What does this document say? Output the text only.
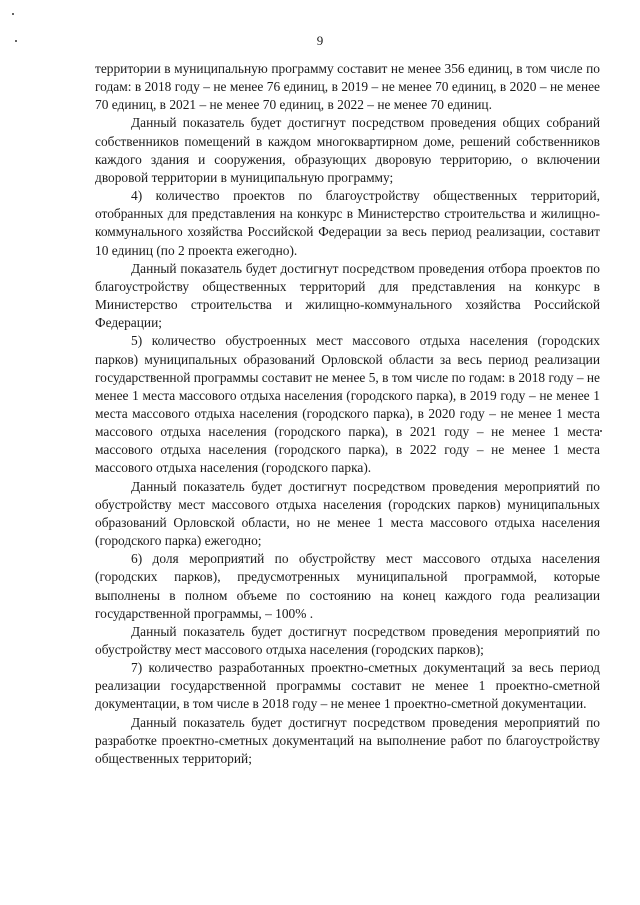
9

территории в муниципальную программу составит не менее 356 единиц, в том числе по годам: в 2018 году – не менее 76 единиц, в 2019 – не менее 70 единиц, в 2020 – не менее 70 единиц, в 2021 – не менее 70 единиц, в 2022 – не менее 70 единиц.

Данный показатель будет достигнут посредством проведения общих собраний собственников помещений в каждом многоквартирном доме, решений собственников каждого здания и сооружения, образующих дворовую территорию, о включении дворовой территории в муниципальную программу;

4) количество проектов по благоустройству общественных территорий, отобранных для представления на конкурс в Министерство строительства и жилищно-коммунального хозяйства Российской Федерации за весь период реализации, составит 10 единиц (по 2 проекта ежегодно).

Данный показатель будет достигнут посредством проведения отбора проектов по благоустройству общественных территорий для представления на конкурс в Министерство строительства и жилищно-коммунального хозяйства Российской Федерации;

5) количество обустроенных мест массового отдыха населения (городских парков) муниципальных образований Орловской области за весь период реализации государственной программы составит не менее 5, в том числе по годам: в 2018 году – не менее 1 места массового отдыха населения (городского парка), в 2019 году – не менее 1 места массового отдыха населения (городского парка), в 2020 году – не менее 1 места массового отдыха населения (городского парка), в 2021 году – не менее 1 места массового отдыха населения (городского парка), в 2022 году – не менее 1 места массового отдыха населения (городского парка).

Данный показатель будет достигнут посредством проведения мероприятий по обустройству мест массового отдыха населения (городских парков) муниципальных образований Орловской области, но не менее 1 места массового отдыха населения (городского парка) ежегодно;

6) доля мероприятий по обустройству мест массового отдыха населения (городских парков), предусмотренных муниципальной программой, которые выполнены в полном объеме по состоянию на конец каждого года реализации государственной программы, – 100% .

Данный показатель будет достигнут посредством проведения мероприятий по обустройству мест массового отдыха населения (городских парков);

7) количество разработанных проектно-сметных документаций за весь период реализации государственной программы составит не менее 1 проектно-сметной документации, в том числе в 2018 году – не менее 1 проектно-сметной документации.

Данный показатель будет достигнут посредством проведения мероприятий по разработке проектно-сметных документаций на выполнение работ по благоустройству общественных территорий;
